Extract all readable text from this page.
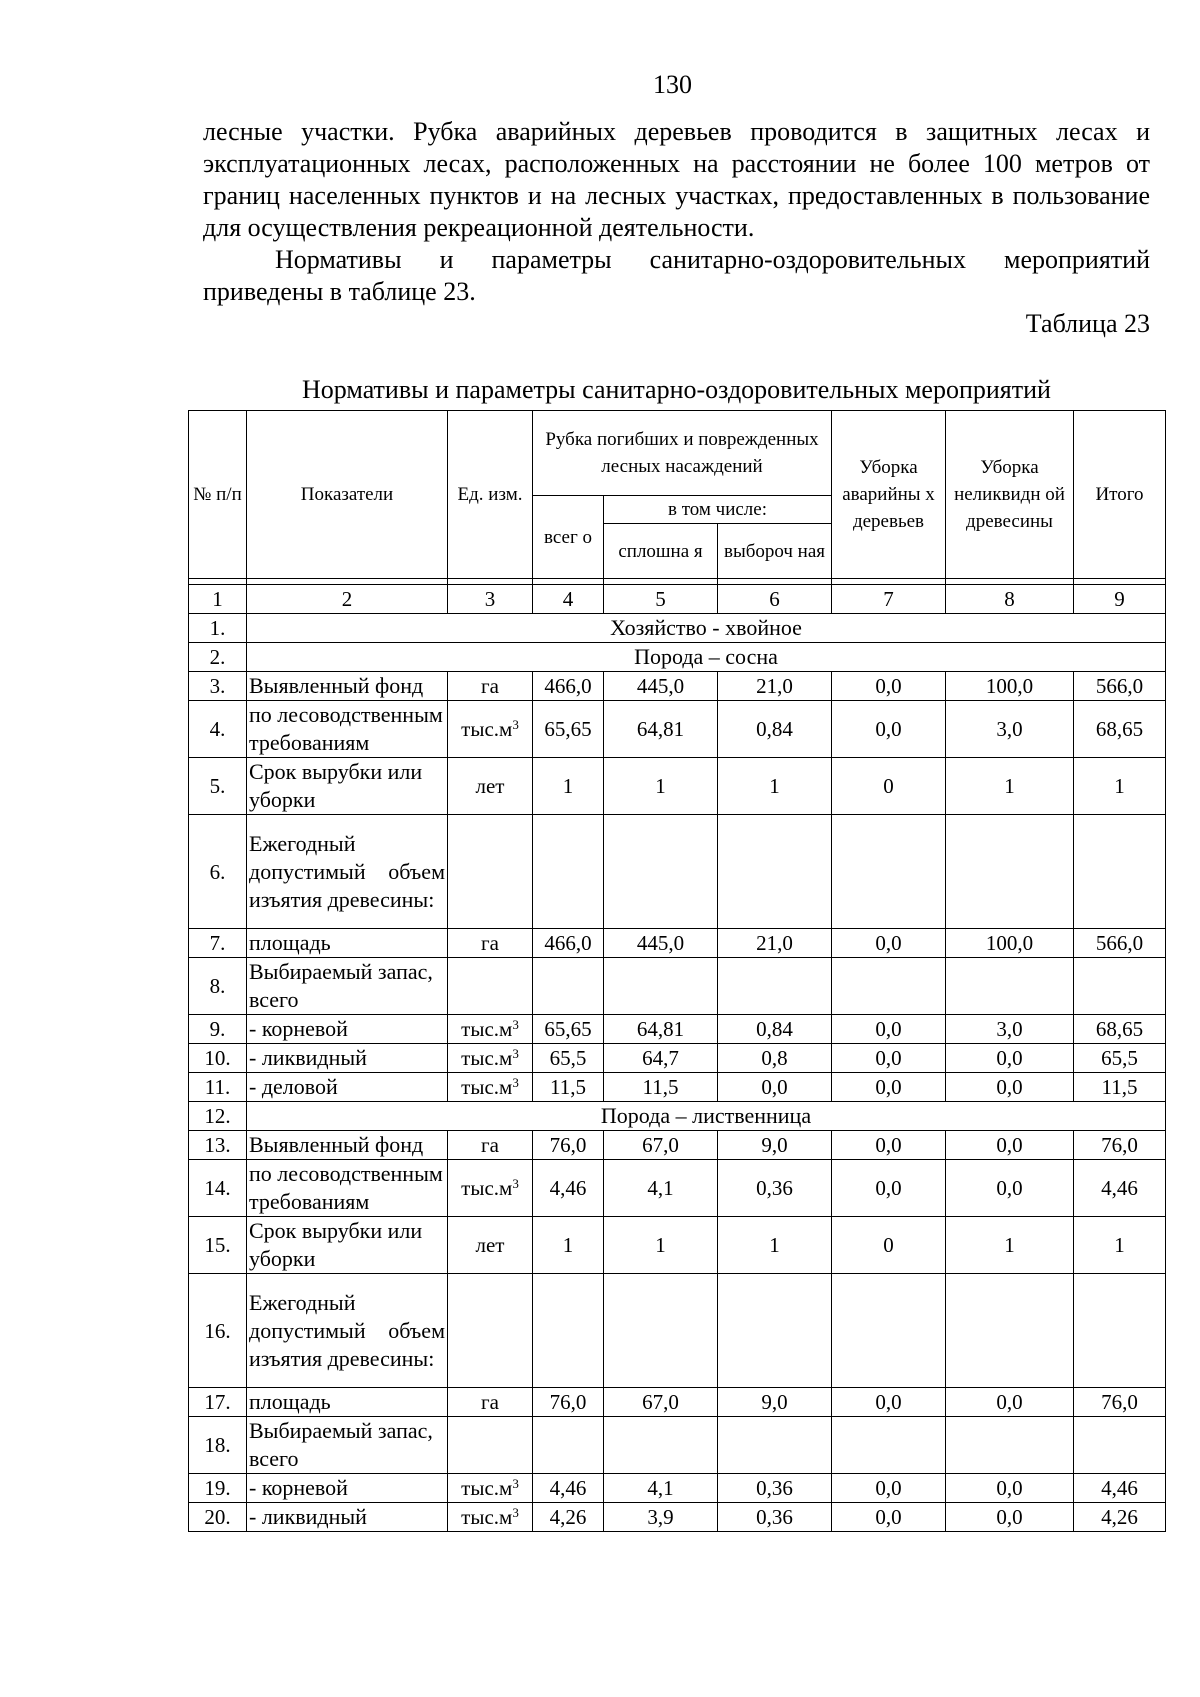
130
лесные участки. Рубка аварийных деревьев проводится в защитных лесах и эксплуатационных лесах, расположенных на расстоянии не более 100 метров от границ населенных пунктов и на лесных участках, предоставленных в пользование для осуществления рекреационной деятельности.
Нормативы и параметры санитарно-оздоровительных мероприятий приведены в таблице 23.
Таблица 23
Нормативы и параметры санитарно-оздоровительных мероприятий
№ п/п	Показатели	Ед. изм.	Рубка погибших и поврежденных лесных насаждений			Уборка аварийны х деревьев	Уборка неликвидн ой древесины	Итого
			всег о	в том числе:				
				сплошна я	выбороч ная			

1	2	3	4	5	6	7	8	9
1.	Хозяйство - хвойное							
2.	Порода – сосна							
3.	Выявленный фонд	га	466,0	445,0	21,0	0,0	100,0	566,0
4.	по лесоводственным требованиям	$тыс.м^3$	65,65	64,81	0,84	0,0	3,0	68,65
5.	Срок вырубки или уборки	лет	1	1	1	0	1	1
6.	Ежегодный допустимый объем изъятия древесины:							
7.	площадь	га	466,0	445,0	21,0	0,0	100,0	566,0
8.	Выбираемый запас, всего							
9.	- корневой	$тыс.м^3$	65,65	64,81	0,84	0,0	3,0	68,65
10.	- ликвидный	$тыс.м^3$	65,5	64,7	0,8	0,0	0,0	65,5
11.	- деловой	$тыс.м^3$	11,5	11,5	0,0	0,0	0,0	11,5
12.	Порода – лиственница							
13.	Выявленный фонд	га	76,0	67,0	9,0	0,0	0,0	76,0
14.	по лесоводственным требованиям	$тыс.м^3$	4,46	4,1	0,36	0,0	0,0	4,46
15.	Срок вырубки или уборки	лет	1	1	1	0	1	1
16.	Ежегодный допустимый объем изъятия древесины:							
17.	площадь	га	76,0	67,0	9,0	0,0	0,0	76,0
18.	Выбираемый запас, всего							
19.	- корневой	$тыс.м^3$	4,46	4,1	0,36	0,0	0,0	4,46
20.	- ликвидный	$тыс.м^3$	4,26	3,9	0,36	0,0	0,0	4,26
